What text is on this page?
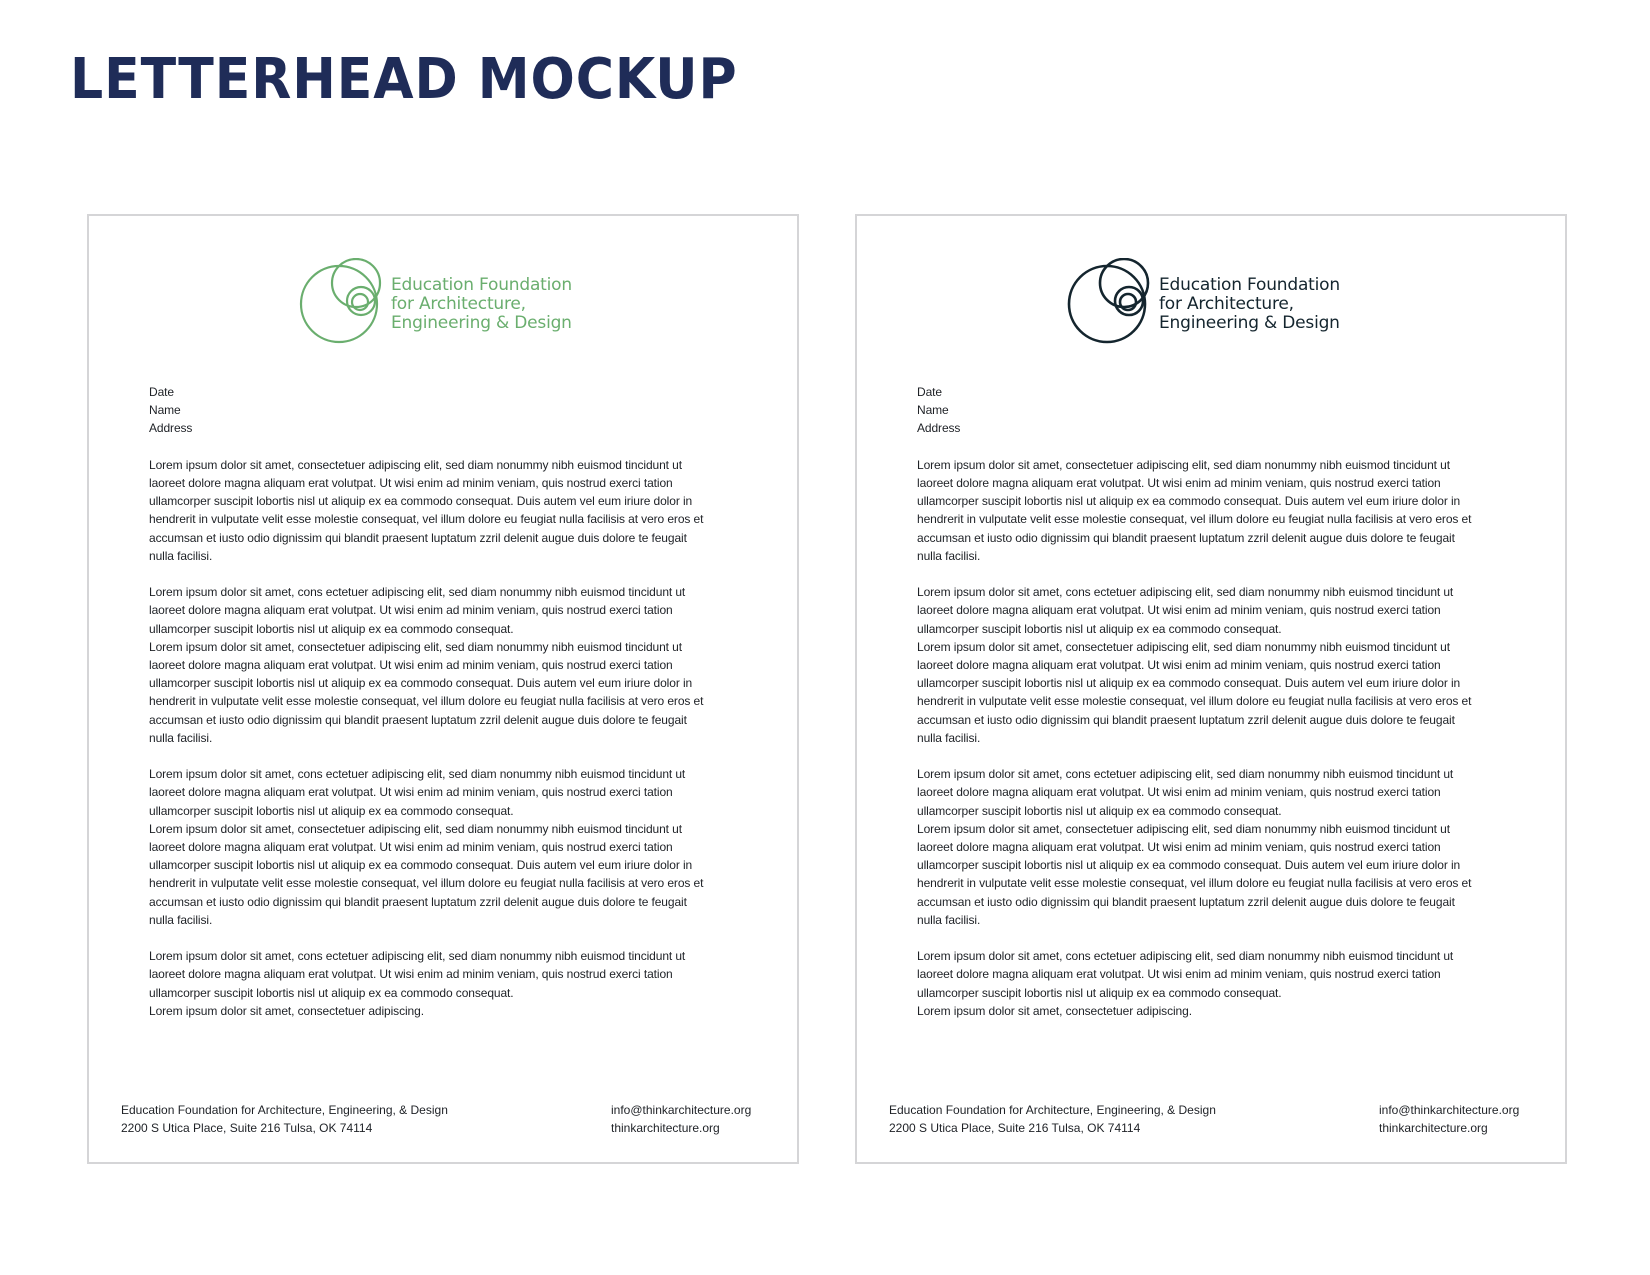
LETTERHEAD MOCKUP
Education Foundation
for Architecture,
Engineering & Design

Date

Name

Address

Lorem ipsum dolor sit amet, consectetuer adipiscing elit, sed diam nonummy nibh euismod tincidunt ut

laoreet dolore magna aliquam erat volutpat. Ut wisi enim ad minim veniam, quis nostrud exerci tation

ullamcorper suscipit lobortis nisl ut aliquip ex ea commodo consequat. Duis autem vel eum iriure dolor in

hendrerit in vulputate velit esse molestie consequat, vel illum dolore eu feugiat nulla facilisis at vero eros et

accumsan et iusto odio dignissim qui blandit praesent luptatum zzril delenit augue duis dolore te feugait

nulla facilisi.

Lorem ipsum dolor sit amet, cons ectetuer adipiscing elit, sed diam nonummy nibh euismod tincidunt ut

laoreet dolore magna aliquam erat volutpat. Ut wisi enim ad minim veniam, quis nostrud exerci tation

ullamcorper suscipit lobortis nisl ut aliquip ex ea commodo consequat.

Lorem ipsum dolor sit amet, consectetuer adipiscing elit, sed diam nonummy nibh euismod tincidunt ut

laoreet dolore magna aliquam erat volutpat. Ut wisi enim ad minim veniam, quis nostrud exerci tation

ullamcorper suscipit lobortis nisl ut aliquip ex ea commodo consequat. Duis autem vel eum iriure dolor in

hendrerit in vulputate velit esse molestie consequat, vel illum dolore eu feugiat nulla facilisis at vero eros et

accumsan et iusto odio dignissim qui blandit praesent luptatum zzril delenit augue duis dolore te feugait

nulla facilisi.

Lorem ipsum dolor sit amet, cons ectetuer adipiscing elit, sed diam nonummy nibh euismod tincidunt ut

laoreet dolore magna aliquam erat volutpat. Ut wisi enim ad minim veniam, quis nostrud exerci tation

ullamcorper suscipit lobortis nisl ut aliquip ex ea commodo consequat.

Lorem ipsum dolor sit amet, consectetuer adipiscing elit, sed diam nonummy nibh euismod tincidunt ut

laoreet dolore magna aliquam erat volutpat. Ut wisi enim ad minim veniam, quis nostrud exerci tation

ullamcorper suscipit lobortis nisl ut aliquip ex ea commodo consequat. Duis autem vel eum iriure dolor in

hendrerit in vulputate velit esse molestie consequat, vel illum dolore eu feugiat nulla facilisis at vero eros et

accumsan et iusto odio dignissim qui blandit praesent luptatum zzril delenit augue duis dolore te feugait

nulla facilisi.

Lorem ipsum dolor sit amet, cons ectetuer adipiscing elit, sed diam nonummy nibh euismod tincidunt ut

laoreet dolore magna aliquam erat volutpat. Ut wisi enim ad minim veniam, quis nostrud exerci tation

ullamcorper suscipit lobortis nisl ut aliquip ex ea commodo consequat.

Lorem ipsum dolor sit amet, consectetuer adipiscing.

Education Foundation for Architecture, Engineering, & Design
2200 S Utica Place, Suite 216 Tulsa, OK 74114
info@thinkarchitecture.org
thinkarchitecture.org
Education Foundation
for Architecture,
Engineering & Design

Date

Name

Address

Lorem ipsum dolor sit amet, consectetuer adipiscing elit, sed diam nonummy nibh euismod tincidunt ut

laoreet dolore magna aliquam erat volutpat. Ut wisi enim ad minim veniam, quis nostrud exerci tation

ullamcorper suscipit lobortis nisl ut aliquip ex ea commodo consequat. Duis autem vel eum iriure dolor in

hendrerit in vulputate velit esse molestie consequat, vel illum dolore eu feugiat nulla facilisis at vero eros et

accumsan et iusto odio dignissim qui blandit praesent luptatum zzril delenit augue duis dolore te feugait

nulla facilisi.

Lorem ipsum dolor sit amet, cons ectetuer adipiscing elit, sed diam nonummy nibh euismod tincidunt ut

laoreet dolore magna aliquam erat volutpat. Ut wisi enim ad minim veniam, quis nostrud exerci tation

ullamcorper suscipit lobortis nisl ut aliquip ex ea commodo consequat.

Lorem ipsum dolor sit amet, consectetuer adipiscing elit, sed diam nonummy nibh euismod tincidunt ut

laoreet dolore magna aliquam erat volutpat. Ut wisi enim ad minim veniam, quis nostrud exerci tation

ullamcorper suscipit lobortis nisl ut aliquip ex ea commodo consequat. Duis autem vel eum iriure dolor in

hendrerit in vulputate velit esse molestie consequat, vel illum dolore eu feugiat nulla facilisis at vero eros et

accumsan et iusto odio dignissim qui blandit praesent luptatum zzril delenit augue duis dolore te feugait

nulla facilisi.

Lorem ipsum dolor sit amet, cons ectetuer adipiscing elit, sed diam nonummy nibh euismod tincidunt ut

laoreet dolore magna aliquam erat volutpat. Ut wisi enim ad minim veniam, quis nostrud exerci tation

ullamcorper suscipit lobortis nisl ut aliquip ex ea commodo consequat.

Lorem ipsum dolor sit amet, consectetuer adipiscing elit, sed diam nonummy nibh euismod tincidunt ut

laoreet dolore magna aliquam erat volutpat. Ut wisi enim ad minim veniam, quis nostrud exerci tation

ullamcorper suscipit lobortis nisl ut aliquip ex ea commodo consequat. Duis autem vel eum iriure dolor in

hendrerit in vulputate velit esse molestie consequat, vel illum dolore eu feugiat nulla facilisis at vero eros et

accumsan et iusto odio dignissim qui blandit praesent luptatum zzril delenit augue duis dolore te feugait

nulla facilisi.

Lorem ipsum dolor sit amet, cons ectetuer adipiscing elit, sed diam nonummy nibh euismod tincidunt ut

laoreet dolore magna aliquam erat volutpat. Ut wisi enim ad minim veniam, quis nostrud exerci tation

ullamcorper suscipit lobortis nisl ut aliquip ex ea commodo consequat.

Lorem ipsum dolor sit amet, consectetuer adipiscing.

Education Foundation for Architecture, Engineering, & Design
2200 S Utica Place, Suite 216 Tulsa, OK 74114
info@thinkarchitecture.org
thinkarchitecture.org
